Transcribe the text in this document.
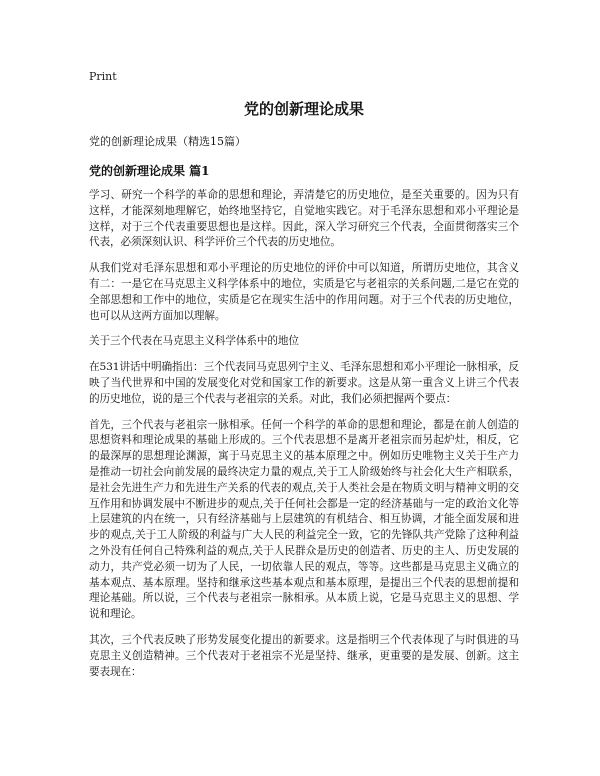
Print
党的创新理论成果
党的创新理论成果（精选15篇）
党的创新理论成果 篇1

学习、研究一个科学的革命的思想和理论，弄清楚它的历史地位，是至关重要的。因为只有这样，才能深刻地理解它，始终地坚持它，自觉地实践它。对于毛泽东思想和邓小平理论是这样，对于三个代表重要思想也是这样。因此，深入学习研究三个代表，全面贯彻落实三个代表，必须深刻认识、科学评价三个代表的历史地位。

从我们党对毛泽东思想和邓小平理论的历史地位的评价中可以知道，所谓历史地位，其含义有二：一是它在马克思主义科学体系中的地位，实质是它与老祖宗的关系问题,二是它在党的全部思想和工作中的地位，实质是它在现实生活中的作用问题。对于三个代表的历史地位，也可以从这两方面加以理解。

关于三个代表在马克思主义科学体系中的地位

在531讲话中明确指出：三个代表同马克思列宁主义、毛泽东思想和邓小平理论一脉相承，反映了当代世界和中国的发展变化对党和国家工作的新要求。这是从第一重含义上讲三个代表的历史地位，说的是三个代表与老祖宗的关系。对此，我们必须把握两个要点：

首先，三个代表与老祖宗一脉相承。任何一个科学的革命的思想和理论，都是在前人创造的思想资料和理论成果的基础上形成的。三个代表思想不是离开老祖宗而另起炉灶，相反，它的最深厚的思想理论渊源，寓于马克思主义的基本原理之中。例如历史唯物主义关于生产力是推动一切社会向前发展的最终决定力量的观点,关于工人阶级始终与社会化大生产相联系，是社会先进生产力和先进生产关系的代表的观点,关于人类社会是在物质文明与精神文明的交互作用和协调发展中不断进步的观点,关于任何社会都是一定的经济基础与一定的政治文化等上层建筑的内在统一，只有经济基础与上层建筑的有机结合、相互协调，才能全面发展和进步的观点,关于工人阶级的利益与广大人民的利益完全一致，它的先锋队共产党除了这种利益之外没有任何自己特殊利益的观点,关于人民群众是历史的创造者、历史的主人、历史发展的动力，共产党必须一切为了人民，一切依靠人民的观点，等等。这些都是马克思主义确立的基本观点、基本原理。坚持和继承这些基本观点和基本原理，是提出三个代表的思想前提和理论基础。所以说，三个代表与老祖宗一脉相承。从本质上说，它是马克思主义的思想、学说和理论。

其次，三个代表反映了形势发展变化提出的新要求。这是指明三个代表体现了与时俱进的马克思主义创造精神。三个代表对于老祖宗不光是坚持、继承，更重要的是发展、创新。这主要表现在：
